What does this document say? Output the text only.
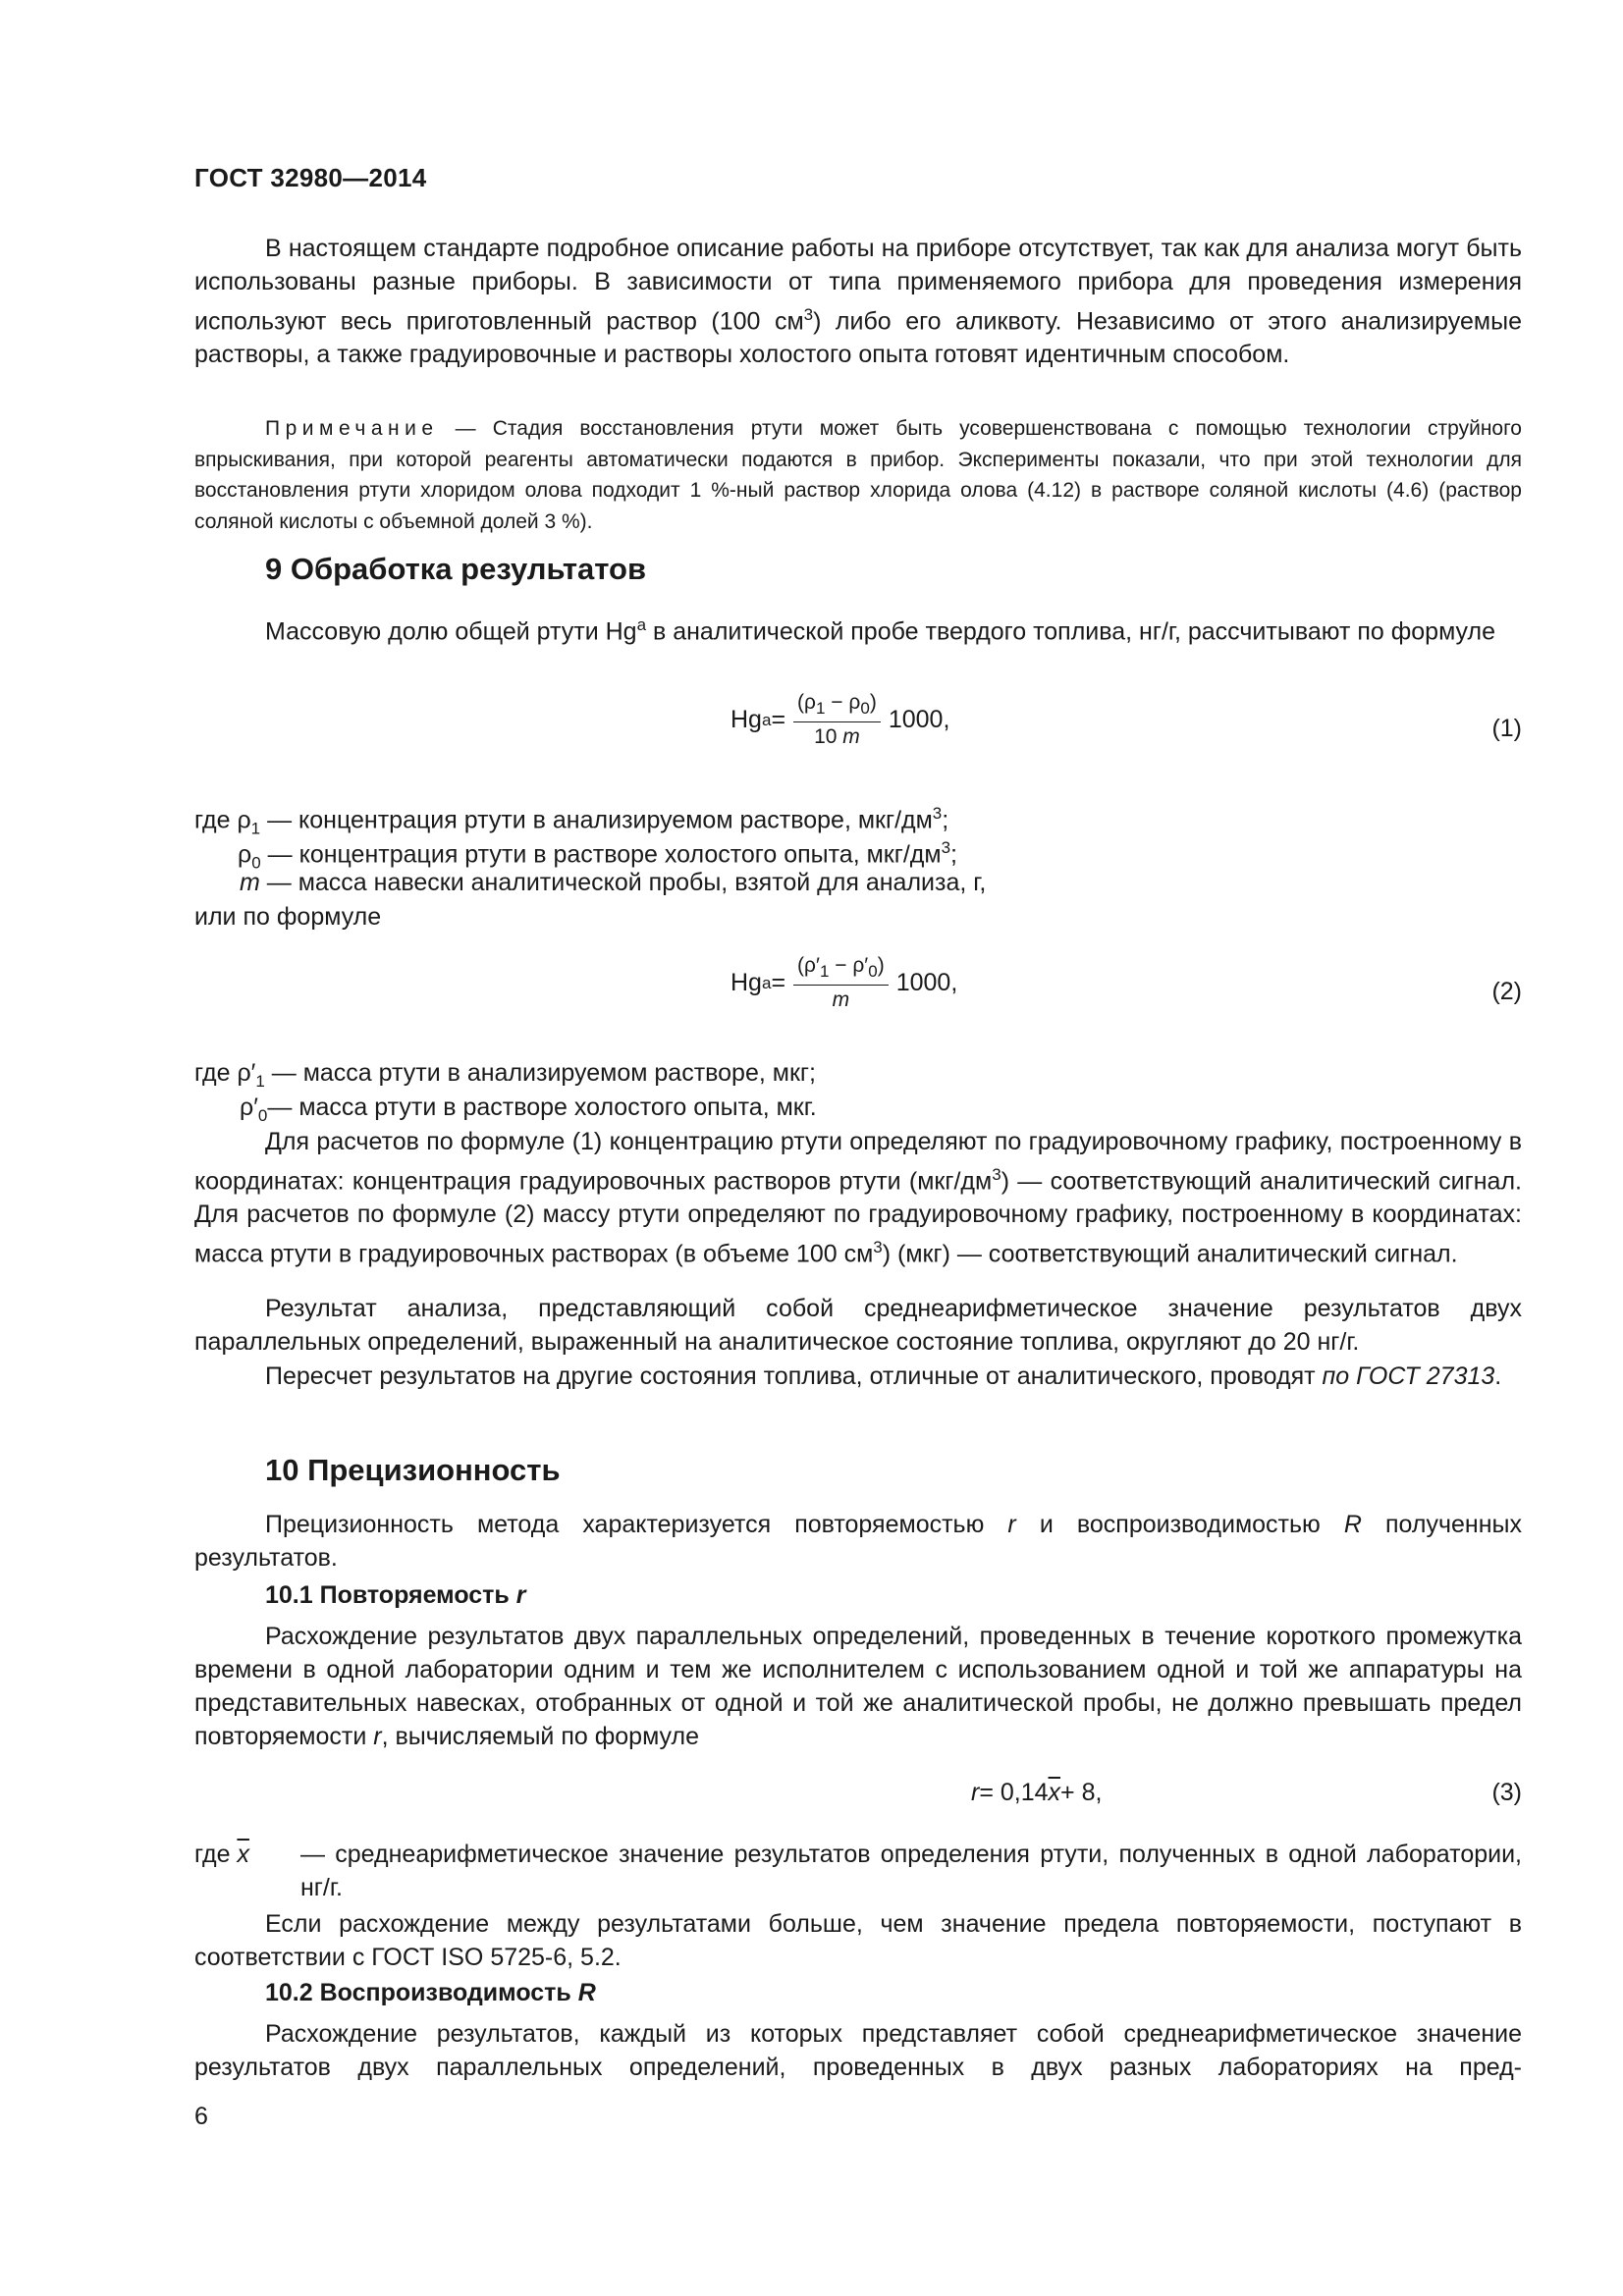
ГОСТ 32980—2014

В настоящем стандарте подробное описание работы на приборе отсутствует, так как для анализа могут быть использованы разные приборы. В зависимости от типа применяемого прибора для проведения измерения используют весь приготовленный раствор (100 $см^3$) либо его аликвоту. Независимо от этого анализируемые растворы, а также градуировочные и растворы холостого опыта готовят идентичным способом.

Примечание — Стадия восстановления ртути может быть усовершенствована с помощью технологии струйного впрыскивания, при которой реагенты автоматически подаются в прибор. Эксперименты показали, что при этой технологии для восстановления ртути хлоридом олова подходит 1 %-ный раствор хлорида олова (4.12) в растворе соляной кислоты (4.6) (раствор соляной кислоты с объемной долей 3 %).

9 Обработка результатов

Массовую долю общей ртути Hg$^a$ в аналитической пробе твердого топлива, нг/г, рассчитывают по формуле

Hg $a = \frac{(\rho_1 - \rho_0)}{10 m} 1000$,	(1)
где $\rho_1$ — концентрация ртути в анализируемом растворе, мкг/$дм^3$;
$\rho_0$ — концентрация ртути в растворе холостого опыта, мкг/$дм^3$;
m — масса навески аналитической пробы, взятой для анализа, г,
или по формуле
Hg $a = \frac{(\rho'_1 - \rho'_0)}{m} 1000$,	(2)
где $\rho'_1$ — масса ртути в анализируемом растворе, мкг;
$\rho'_0—$ масса ртути в растворе холостого опыта, мкг.

Для расчетов по формуле (1) концентрацию ртути определяют по градуировочному графику, построенному в координатах: концентрация градуировочных растворов ртути $(мкг/дм^3)$ — соответствующий аналитический сигнал. Для расчетов по формуле (2) массу ртути определяют по градуировочному графику, построенному в координатах: масса ртути в градуировочных растворах (в объеме 100 $см^3$) (мкг) — соответствующий аналитический сигнал.

Результат анализа, представляющий собой среднеарифметическое значение результатов двух параллельных определений, выраженный на аналитическое состояние топлива, округляют до 20 нг/г.

Пересчет результатов на другие состояния топлива, отличные от аналитического, проводят по ГОСТ 27313.

10 Прецизионность

Прецизионность метода характеризуется повторяемостью r и воспроизводимостью R полученных результатов.

10.1 Повторяемость r

Расхождение результатов двух параллельных определений, проведенных в течение короткого промежутка времени в одной лаборатории одним и тем же исполнителем с использованием одной и той же аппаратуры на представительных навесках, отобранных от одной и той же аналитической пробы, не должно превышать предел повторяемости r, вычисляемый по формуле

r = 0,14 $\overline{x} + 8$,	(3)

где $\overline{x}$ — среднеарифметическое значение результатов определения ртути, полученных в одной лаборатории, нг/г.

Если расхождение между результатами больше, чем значение предела повторяемости, поступают в соответствии с ГОСТ ISO 5725-6, 5.2.

10.2 Воспроизводимость R

Расхождение результатов, каждый из которых представляет собой среднеарифметическое значение результатов двух параллельных определений, проведенных в двух разных лабораториях на пред-

6
